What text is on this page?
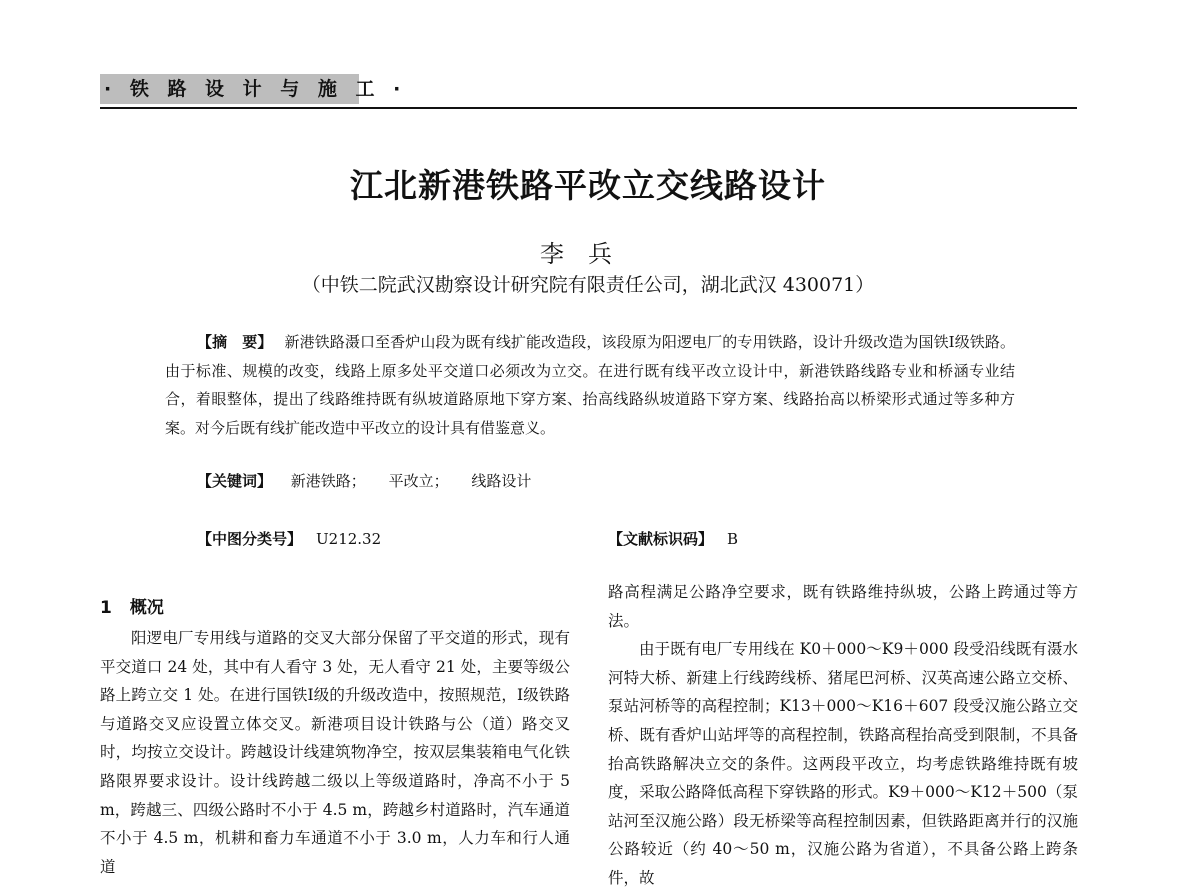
· 铁 路 设 计 与 施 工 ·
江北新港铁路平改立交线路设计
李兵
（中铁二院武汉勘察设计研究院有限责任公司，湖北武汉 430071）
【摘　要】 新港铁路滠口至香炉山段为既有线扩能改造段，该段原为阳逻电厂的专用铁路，设计升级改造为国铁Ⅰ级铁路。由于标准、规模的改变，线路上原多处平交道口必须改为立交。在进行既有线平改立设计中，新港铁路线路专业和桥涵专业结合，着眼整体，提出了线路维持既有纵坡道路原地下穿方案、抬高线路纵坡道路下穿方案、线路抬高以桥梁形式通过等多种方案。对今后既有线扩能改造中平改立的设计具有借鉴意义。
【关键词】 新港铁路； 平改立； 线路设计
【中图分类号】 U212.32	【文献标识码】 B
1 概况

阳逻电厂专用线与道路的交叉大部分保留了平交道的形式，现有平交道口 24 处，其中有人看守 3 处，无人看守 21 处，主要等级公路上跨立交 1 处。在进行国铁Ⅰ级的升级改造中，按照规范，Ⅰ级铁路与道路交叉应设置立体交叉。新港项目设计铁路与公（道）路交叉时，均按立交设计。跨越设计线建筑物净空，按双层集装箱电气化铁路限界要求设计。设计线跨越二级以上等级道路时，净高不小于 5 m，跨越三、四级公路时不小于 4.5 m，跨越乡村道路时，汽车通道不小于 4.5 m，机耕和畜力车通道不小于 3.0 m，人力车和行人通道

路高程满足公路净空要求，既有铁路维持纵坡，公路上跨通过等方法。

由于既有电厂专用线在 K0＋000～K9＋000 段受沿线既有滠水河特大桥、新建上行线跨线桥、猪尾巴河桥、汉英高速公路立交桥、泵站河桥等的高程控制；K13＋000～K16＋607 段受汉施公路立交桥、既有香炉山站坪等的高程控制，铁路高程抬高受到限制，不具备抬高铁路解决立交的条件。这两段平改立，均考虑铁路维持既有坡度，采取公路降低高程下穿铁路的形式。K9＋000～K12＋500（泵站河至汉施公路）段无桥梁等高程控制因素，但铁路距离并行的汉施公路较近（约 40～50 m，汉施公路为省道），不具备公路上跨条件，故
